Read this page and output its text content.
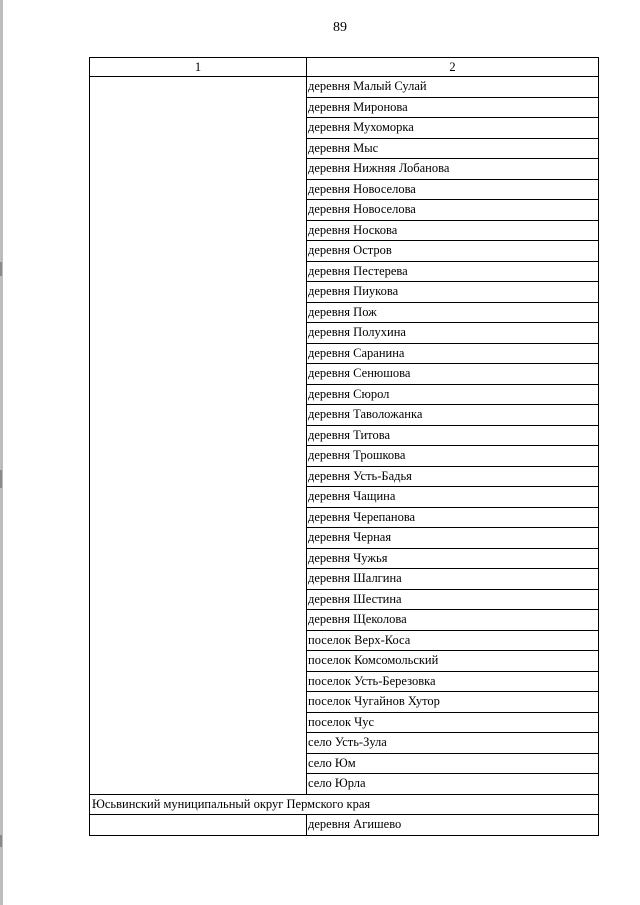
89
1	2
	деревня Малый Сулай
	деревня Миронова
	деревня Мухоморка
	деревня Мыс
	деревня Нижняя Лобанова
	деревня Новоселова
	деревня Новоселова
	деревня Носкова
	деревня Остров
	деревня Пестерева
	деревня Пиукова
	деревня Пож
	деревня Полухина
	деревня Саранина
	деревня Сенюшова
	деревня Сюрол
	деревня Таволожанка
	деревня Титова
	деревня Трошкова
	деревня Усть-Бадья
	деревня Чащина
	деревня Черепанова
	деревня Черная
	деревня Чужья
	деревня Шалгина
	деревня Шестина
	деревня Щеколова
	поселок Верх-Коса
	поселок Комсомольский
	поселок Усть-Березовка
	поселок Чугайнов Хутор
	поселок Чус
	село Усть-Зула
	село Юм
	село Юрла
Юсьвинский муниципальный округ Пермского края	
	деревня Агишево
